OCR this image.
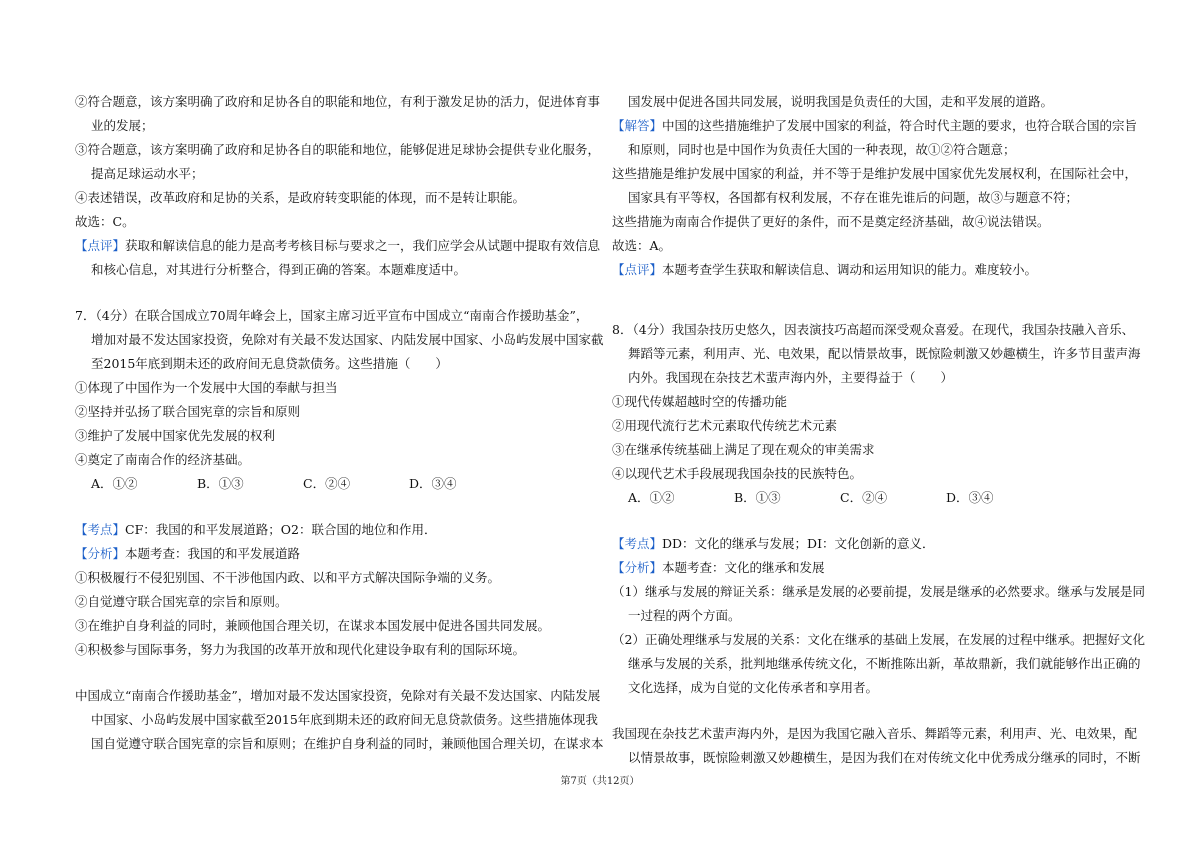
②符合题意，该方案明确了政府和足协各自的职能和地位，有利于激发足协的活力，促进体育事

业的发展；

③符合题意，该方案明确了政府和足协各自的职能和地位，能够促进足球协会提供专业化服务，

提高足球运动水平；

④表述错误，改革政府和足协的关系，是政府转变职能的体现，而不是转让职能。

故选：C。

【点评】获取和解读信息的能力是高考考核目标与要求之一，我们应学会从试题中提取有效信息

和核心信息，对其进行分析整合，得到正确的答案。本题难度适中。

7．（4分）在联合国成立70周年峰会上，国家主席习近平宣布中国成立“南南合作援助基金”，

增加对最不发达国家投资，免除对有关最不发达国家、内陆发展中国家、小岛屿发展中国家截

至2015年底到期未还的政府间无息贷款债务。这些措施（　　）

①体现了中国作为一个发展中大国的奉献与担当

②坚持并弘扬了联合国宪章的宗旨和原则

③维护了发展中国家优先发展的权利

④奠定了南南合作的经济基础。

A．①②	B．①③	C．②④	D．③④

【考点】CF：我国的和平发展道路；O2：联合国的地位和作用．

【分析】本题考查：我国的和平发展道路

①积极履行不侵犯别国、不干涉他国内政、以和平方式解决国际争端的义务。

②自觉遵守联合国宪章的宗旨和原则。

③在维护自身利益的同时，兼顾他国合理关切，在谋求本国发展中促进各国共同发展。

④积极参与国际事务，努力为我国的改革开放和现代化建设争取有利的国际环境。

中国成立“南南合作援助基金”，增加对最不发达国家投资，免除对有关最不发达国家、内陆发展

中国家、小岛屿发展中国家截至2015年底到期未还的政府间无息贷款债务。这些措施体现我

国自觉遵守联合国宪章的宗旨和原则；在维护自身利益的同时，兼顾他国合理关切，在谋求本

国发展中促进各国共同发展，说明我国是负责任的大国，走和平发展的道路。

【解答】中国的这些措施维护了发展中国家的利益，符合时代主题的要求，也符合联合国的宗旨

和原则，同时也是中国作为负责任大国的一种表现，故①②符合题意；

这些措施是维护发展中国家的利益，并不等于是维护发展中国家优先发展权利，在国际社会中，

国家具有平等权，各国都有权利发展，不存在谁先谁后的问题，故③与题意不符；

这些措施为南南合作提供了更好的条件，而不是奠定经济基础，故④说法错误。

故选：A。

【点评】本题考查学生获取和解读信息、调动和运用知识的能力。难度较小。

8．（4分）我国杂技历史悠久，因表演技巧高超而深受观众喜爱。在现代，我国杂技融入音乐、

舞蹈等元素，利用声、光、电效果，配以情景故事，既惊险刺激又妙趣横生，许多节目蜚声海

内外。我国现在杂技艺术蜚声海内外，主要得益于（　　）

①现代传媒超越时空的传播功能

②用现代流行艺术元素取代传统艺术元素

③在继承传统基础上满足了现在观众的审美需求

④以现代艺术手段展现我国杂技的民族特色。

A．①②	B．①③	C．②④	D．③④

【考点】DD：文化的继承与发展；DI：文化创新的意义．

【分析】本题考查：文化的继承和发展

（1）继承与发展的辩证关系：继承是发展的必要前提，发展是继承的必然要求。继承与发展是同

一过程的两个方面。

（2）正确处理继承与发展的关系：文化在继承的基础上发展，在发展的过程中继承。把握好文化

继承与发展的关系，批判地继承传统文化，不断推陈出新，革故鼎新，我们就能够作出正确的

文化选择，成为自觉的文化传承者和享用者。

我国现在杂技艺术蜚声海内外，是因为我国它融入音乐、舞蹈等元素，利用声、光、电效果，配

以情景故事，既惊险刺激又妙趣横生，是因为我们在对传统文化中优秀成分继承的同时，不断

第7页（共12页）
